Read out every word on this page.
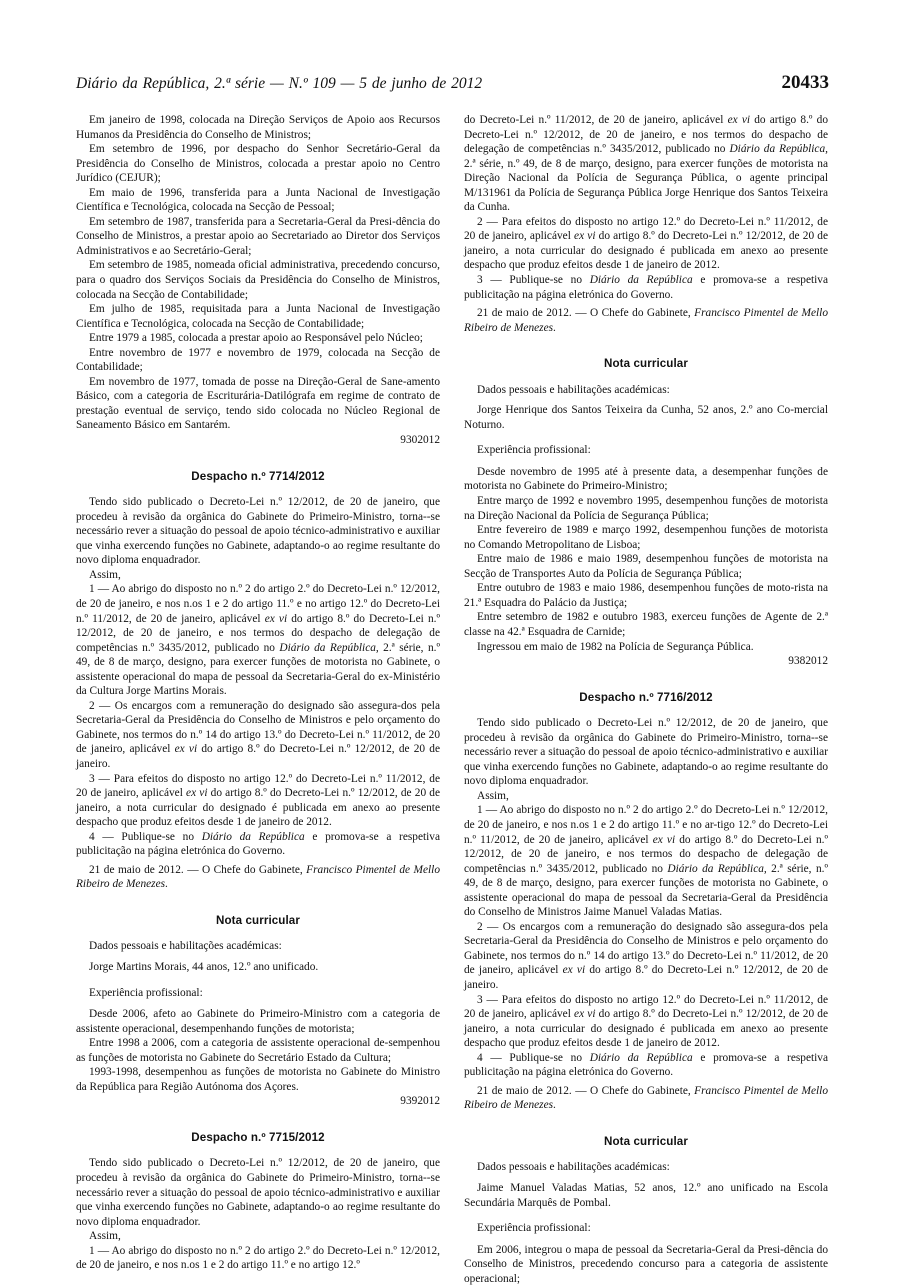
Diário da República, 2.ª série — N.º 109 — 5 de junho de 2012	20433

Em janeiro de 1998, colocada na Direção Serviços de Apoio aos Recursos Humanos da Presidência do Conselho de Ministros;

Em setembro de 1996, por despacho do Senhor Secretário-Geral da Presidência do Conselho de Ministros, colocada a prestar apoio no Centro Jurídico (CEJUR);

Em maio de 1996, transferida para a Junta Nacional de Investigação Científica e Tecnológica, colocada na Secção de Pessoal;

Em setembro de 1987, transferida para a Secretaria-Geral da Presi-dência do Conselho de Ministros, a prestar apoio ao Secretariado ao Diretor dos Serviços Administrativos e ao Secretário-Geral;

Em setembro de 1985, nomeada oficial administrativa, precedendo concurso, para o quadro dos Serviços Sociais da Presidência do Conselho de Ministros, colocada na Secção de Contabilidade;

Em julho de 1985, requisitada para a Junta Nacional de Investigação Científica e Tecnológica, colocada na Secção de Contabilidade;

Entre 1979 a 1985, colocada a prestar apoio ao Responsável pelo Núcleo;

Entre novembro de 1977 e novembro de 1979, colocada na Secção de Contabilidade;

Em novembro de 1977, tomada de posse na Direção-Geral de Sane-amento Básico, com a categoria de Escriturária-Datilógrafa em regime de contrato de prestação eventual de serviço, tendo sido colocada no Núcleo Regional de Saneamento Básico em Santarém.

9302012

Despacho n.º 7714/2012

Tendo sido publicado o Decreto-Lei n.º 12/2012, de 20 de janeiro, que procedeu à revisão da orgânica do Gabinete do Primeiro-Ministro, torna--se necessário rever a situação do pessoal de apoio técnico-administrativo e auxiliar que vinha exercendo funções no Gabinete, adaptando-o ao regime resultante do novo diploma enquadrador.

Assim,

1 — Ao abrigo do disposto no n.º 2 do artigo 2.º do Decreto-Lei n.º 12/2012, de 20 de janeiro, e nos n.os 1 e 2 do artigo 11.º e no artigo 12.º do Decreto-Lei n.º 11/2012, de 20 de janeiro, aplicável ex vi do artigo 8.º do Decreto-Lei n.º 12/2012, de 20 de janeiro, e nos termos do despacho de delegação de competências n.º 3435/2012, publicado no Diário da República, 2.ª série, n.º 49, de 8 de março, designo, para exercer funções de motorista no Gabinete, o assistente operacional do mapa de pessoal da Secretaria-Geral do ex-Ministério da Cultura Jorge Martins Morais.

2 — Os encargos com a remuneração do designado são assegura-dos pela Secretaria-Geral da Presidência do Conselho de Ministros e pelo orçamento do Gabinete, nos termos do n.º 14 do artigo 13.º do Decreto-Lei n.º 11/2012, de 20 de janeiro, aplicável ex vi do artigo 8.º do Decreto-Lei n.º 12/2012, de 20 de janeiro.

3 — Para efeitos do disposto no artigo 12.º do Decreto-Lei n.º 11/2012, de 20 de janeiro, aplicável ex vi do artigo 8.º do Decreto-Lei n.º 12/2012, de 20 de janeiro, a nota curricular do designado é publicada em anexo ao presente despacho que produz efeitos desde 1 de janeiro de 2012.

4 — Publique-se no Diário da República e promova-se a respetiva publicitação na página eletrónica do Governo.

21 de maio de 2012. — O Chefe do Gabinete, Francisco Pimentel de Mello Ribeiro de Menezes.

Nota curricular

Dados pessoais e habilitações académicas:

Jorge Martins Morais, 44 anos, 12.º ano unificado.

Experiência profissional:

Desde 2006, afeto ao Gabinete do Primeiro-Ministro com a categoria de assistente operacional, desempenhando funções de motorista;

Entre 1998 a 2006, com a categoria de assistente operacional de-sempenhou as funções de motorista no Gabinete do Secretário Estado da Cultura;

1993-1998, desempenhou as funções de motorista no Gabinete do Ministro da República para Região Autónoma dos Açores.

9392012

Despacho n.º 7715/2012

Tendo sido publicado o Decreto-Lei n.º 12/2012, de 20 de janeiro, que procedeu à revisão da orgânica do Gabinete do Primeiro-Ministro, torna--se necessário rever a situação do pessoal de apoio técnico-administrativo e auxiliar que vinha exercendo funções no Gabinete, adaptando-o ao regime resultante do novo diploma enquadrador.

Assim,

1 — Ao abrigo do disposto no n.º 2 do artigo 2.º do Decreto-Lei n.º 12/2012, de 20 de janeiro, e nos n.os 1 e 2 do artigo 11.º e no artigo 12.º

do Decreto-Lei n.º 11/2012, de 20 de janeiro, aplicável ex vi do artigo 8.º do Decreto-Lei n.º 12/2012, de 20 de janeiro, e nos termos do despacho de delegação de competências n.º 3435/2012, publicado no Diário da República, 2.ª série, n.º 49, de 8 de março, designo, para exercer funções de motorista na Direção Nacional da Polícia de Segurança Pública, o agente principal M/131961 da Polícia de Segurança Pública Jorge Henrique dos Santos Teixeira da Cunha.

2 — Para efeitos do disposto no artigo 12.º do Decreto-Lei n.º 11/2012, de 20 de janeiro, aplicável ex vi do artigo 8.º do Decreto-Lei n.º 12/2012, de 20 de janeiro, a nota curricular do designado é publicada em anexo ao presente despacho que produz efeitos desde 1 de janeiro de 2012.

3 — Publique-se no Diário da República e promova-se a respetiva publicitação na página eletrónica do Governo.

21 de maio de 2012. — O Chefe do Gabinete, Francisco Pimentel de Mello Ribeiro de Menezes.

Nota curricular

Dados pessoais e habilitações académicas:

Jorge Henrique dos Santos Teixeira da Cunha, 52 anos, 2.º ano Co-mercial Noturno.

Experiência profissional:

Desde novembro de 1995 até à presente data, a desempenhar funções de motorista no Gabinete do Primeiro-Ministro;

Entre março de 1992 e novembro 1995, desempenhou funções de motorista na Direção Nacional da Polícia de Segurança Pública;

Entre fevereiro de 1989 e março 1992, desempenhou funções de motorista no Comando Metropolitano de Lisboa;

Entre maio de 1986 e maio 1989, desempenhou funções de motorista na Secção de Transportes Auto da Polícia de Segurança Pública;

Entre outubro de 1983 e maio 1986, desempenhou funções de moto-rista na 21.ª Esquadra do Palácio da Justiça;

Entre setembro de 1982 e outubro 1983, exerceu funções de Agente de 2.ª classe na 42.ª Esquadra de Carnide;

Ingressou em maio de 1982 na Polícia de Segurança Pública.

9382012

Despacho n.º 7716/2012

Tendo sido publicado o Decreto-Lei n.º 12/2012, de 20 de janeiro, que procedeu à revisão da orgânica do Gabinete do Primeiro-Ministro, torna--se necessário rever a situação do pessoal de apoio técnico-administrativo e auxiliar que vinha exercendo funções no Gabinete, adaptando-o ao regime resultante do novo diploma enquadrador.

Assim,

1 — Ao abrigo do disposto no n.º 2 do artigo 2.º do Decreto-Lei n.º 12/2012, de 20 de janeiro, e nos n.os 1 e 2 do artigo 11.º e no ar-tigo 12.º do Decreto-Lei n.º 11/2012, de 20 de janeiro, aplicável ex vi do artigo 8.º do Decreto-Lei n.º 12/2012, de 20 de janeiro, e nos termos do despacho de delegação de competências n.º 3435/2012, publicado no Diário da República, 2.ª série, n.º 49, de 8 de março, designo, para exercer funções de motorista no Gabinete, o assistente operacional do mapa de pessoal da Secretaria-Geral da Presidência do Conselho de Ministros Jaime Manuel Valadas Matias.

2 — Os encargos com a remuneração do designado são assegura-dos pela Secretaria-Geral da Presidência do Conselho de Ministros e pelo orçamento do Gabinete, nos termos do n.º 14 do artigo 13.º do Decreto-Lei n.º 11/2012, de 20 de janeiro, aplicável ex vi do artigo 8.º do Decreto-Lei n.º 12/2012, de 20 de janeiro.

3 — Para efeitos do disposto no artigo 12.º do Decreto-Lei n.º 11/2012, de 20 de janeiro, aplicável ex vi do artigo 8.º do Decreto-Lei n.º 12/2012, de 20 de janeiro, a nota curricular do designado é publicada em anexo ao presente despacho que produz efeitos desde 1 de janeiro de 2012.

4 — Publique-se no Diário da República e promova-se a respetiva publicitação na página eletrónica do Governo.

21 de maio de 2012. — O Chefe do Gabinete, Francisco Pimentel de Mello Ribeiro de Menezes.

Nota curricular

Dados pessoais e habilitações académicas:

Jaime Manuel Valadas Matias, 52 anos, 12.º ano unificado na Escola Secundária Marquês de Pombal.

Experiência profissional:

Em 2006, integrou o mapa de pessoal da Secretaria-Geral da Presi-dência do Conselho de Ministros, precedendo concurso para a categoria de assistente operacional;
